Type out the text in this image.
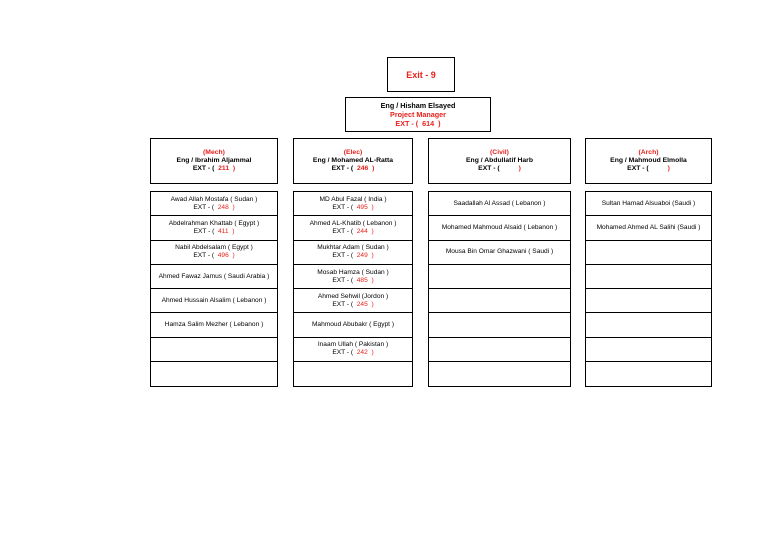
Exit - 9
Eng / Hisham Elsayed
Project Manager
EXT - ( 614 )
(Mech)
Eng / Ibrahim Aljammal
EXT - ( 211 )
Awad Allah Mostafa ( Sudan )
EXT - ( 248 )
Abdelrahman Khattab ( Egypt )
EXT - ( 411 )
Nabil Abdelsalam ( Egypt )
EXT - ( 496 )
Ahmed Fawaz Jamus ( Saudi Arabia )
Ahmed Hussain Alsalim ( Lebanon )
Hamza Salim Mezher ( Lebanon )
(Elec)
Eng / Mohamed AL-Ratta
EXT - ( 246 )
MD Abul Fazal ( India )
EXT - ( 495 )
Ahmed AL-Khatib ( Lebanon )
EXT - ( 244 )
Mukhtar Adam ( Sudan )
EXT - ( 249 )
Mosab Hamza ( Sudan )
EXT - ( 485 )
Ahmed Sehwil (Jordon )
EXT - ( 245 )
Mahmoud Abubakr ( Egypt )
Inaam Ullah ( Pakistan )
EXT - ( 242 )
(Civil)
Eng / Abdullatif Harb
EXT - (	)
Saadallah Al Assad ( Lebanon )
Mohamed Mahmoud Alsaid ( Lebanon )
Mousa Bin Omar Ghazwani ( Saudi )
(Arch)
Eng / Mahmoud Elmolla
EXT - (	)
Sultan Hamad Alsuaboi (Saudi )
Mohamed Ahmed AL Salihi (Saudi )
